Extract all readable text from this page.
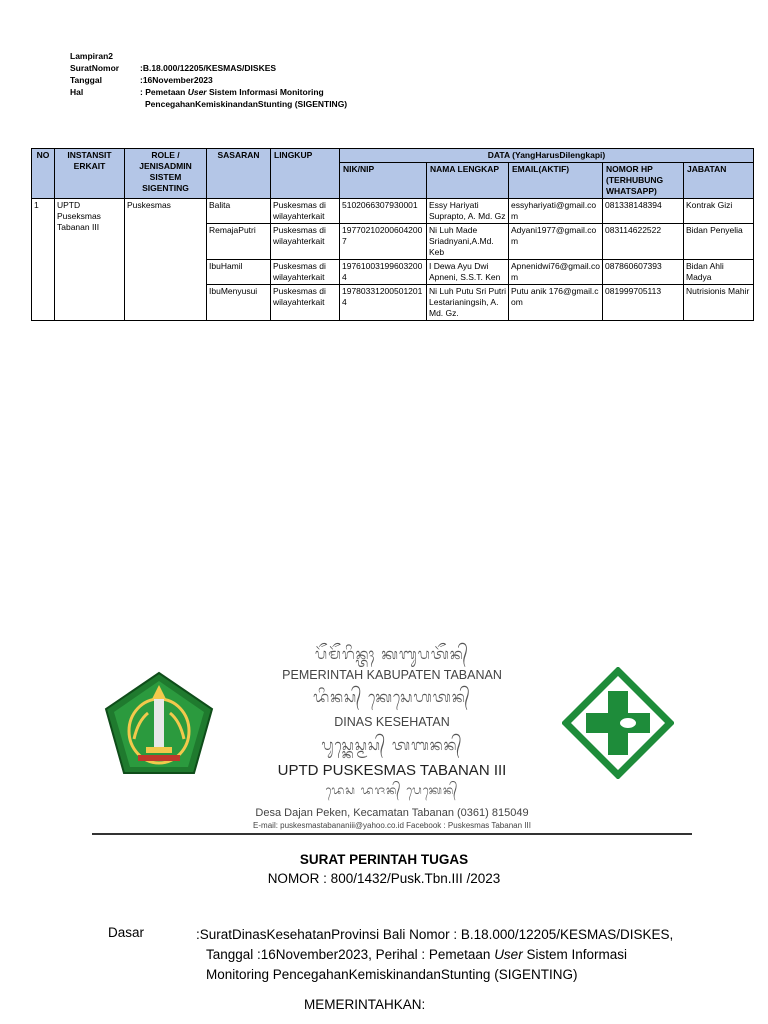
Lampiran2
SuratNomor	:B.18.000/12205/KESMAS/DISKES
Tanggal	:16November2023
Hal	: Pemetaan User Sistem Informasi Monitoring
PencegahanKemiskinandanStunting (SIGENTING)
NO	INSTANSIT ERKAIT	ROLE / JENISADMIN SISTEM SIGENTING	SASARAN	LINGKUP	DATA (YangHarusDilengkapi)				
					NIK/NIP	NAMA LENGKAP	EMAIL(AKTIF)	NOMOR HP (TERHUBUNG WHATSAPP)	JABATAN
1	UPTD Puseksmas Tabanan III	Puskesmas	Balita	Puskesmas di wilayahterkait	5102066307930001	Essy Hariyati Suprapto, A. Md. Gz	essyhariyati@gmail.com	081338148394	Kontrak Gizi
			RemajaPutri	Puskesmas di wilayahterkait	197702102006042007	Ni Luh Made Sriadnyani,A.Md. Keb	Adyani1977@gmail.com	083114622522	Bidan Penyelia
			IbuHamil	Puskesmas di wilayahterkait	197610031996032004	I Dewa Ayu Dwi Apneni, S.S.T. Ken	Apnenidwi76@gmail.com	087860607393	Bidan Ahli Madya
			IbuMenyusui	Puskesmas di wilayahterkait	197803312005012014	Ni Luh Putu Sri Putri Lestarianingsih, A. Md. Gz.	Putu anik 176@gmail.com	081999705113	Nutrisionis Mahir
ᬧᭂᬫᭂᬭᬶᬦ᭄ᬢᬄ ᬓᬩᬸᬧᬢᭂᬦ᭄
PEMERINTAH KABUPATEN TABANAN
ᬤᬶᬦᬲ᭄ ᬓᬾᬲᬾᬳᬢᬦ᭄
DINAS KESEHATAN
ᬧᬸᬲ᭄ᬓᬾᬲ᭄ᬫᬲ᭄ ᬢᬩᬦᬦ᭄
UPTD PUSKESMAS TABANAN III
ᬤᬾᬲ ᬤᬚᬦ᭄ ᬧᬾᬓᬾᬦ᭄
Desa Dajan Peken, Kecamatan Tabanan (0361) 815049
E-mail: puskesmastabananiii@yahoo.co.id Facebook : Puskesmas Tabanan III
SURAT PERINTAH TUGAS
NOMOR : 800/1432/Pusk.Tbn.III /2023
Dasar	:SuratDinasKesehatanProvinsi Bali Nomor : B.18.000/12205/KESMAS/DISKES,
Tanggal :16November2023, Perihal : Pemetaan User Sistem Informasi
Monitoring PencegahanKemiskinandanStunting (SIGENTING)
MEMERINTAHKAN:
